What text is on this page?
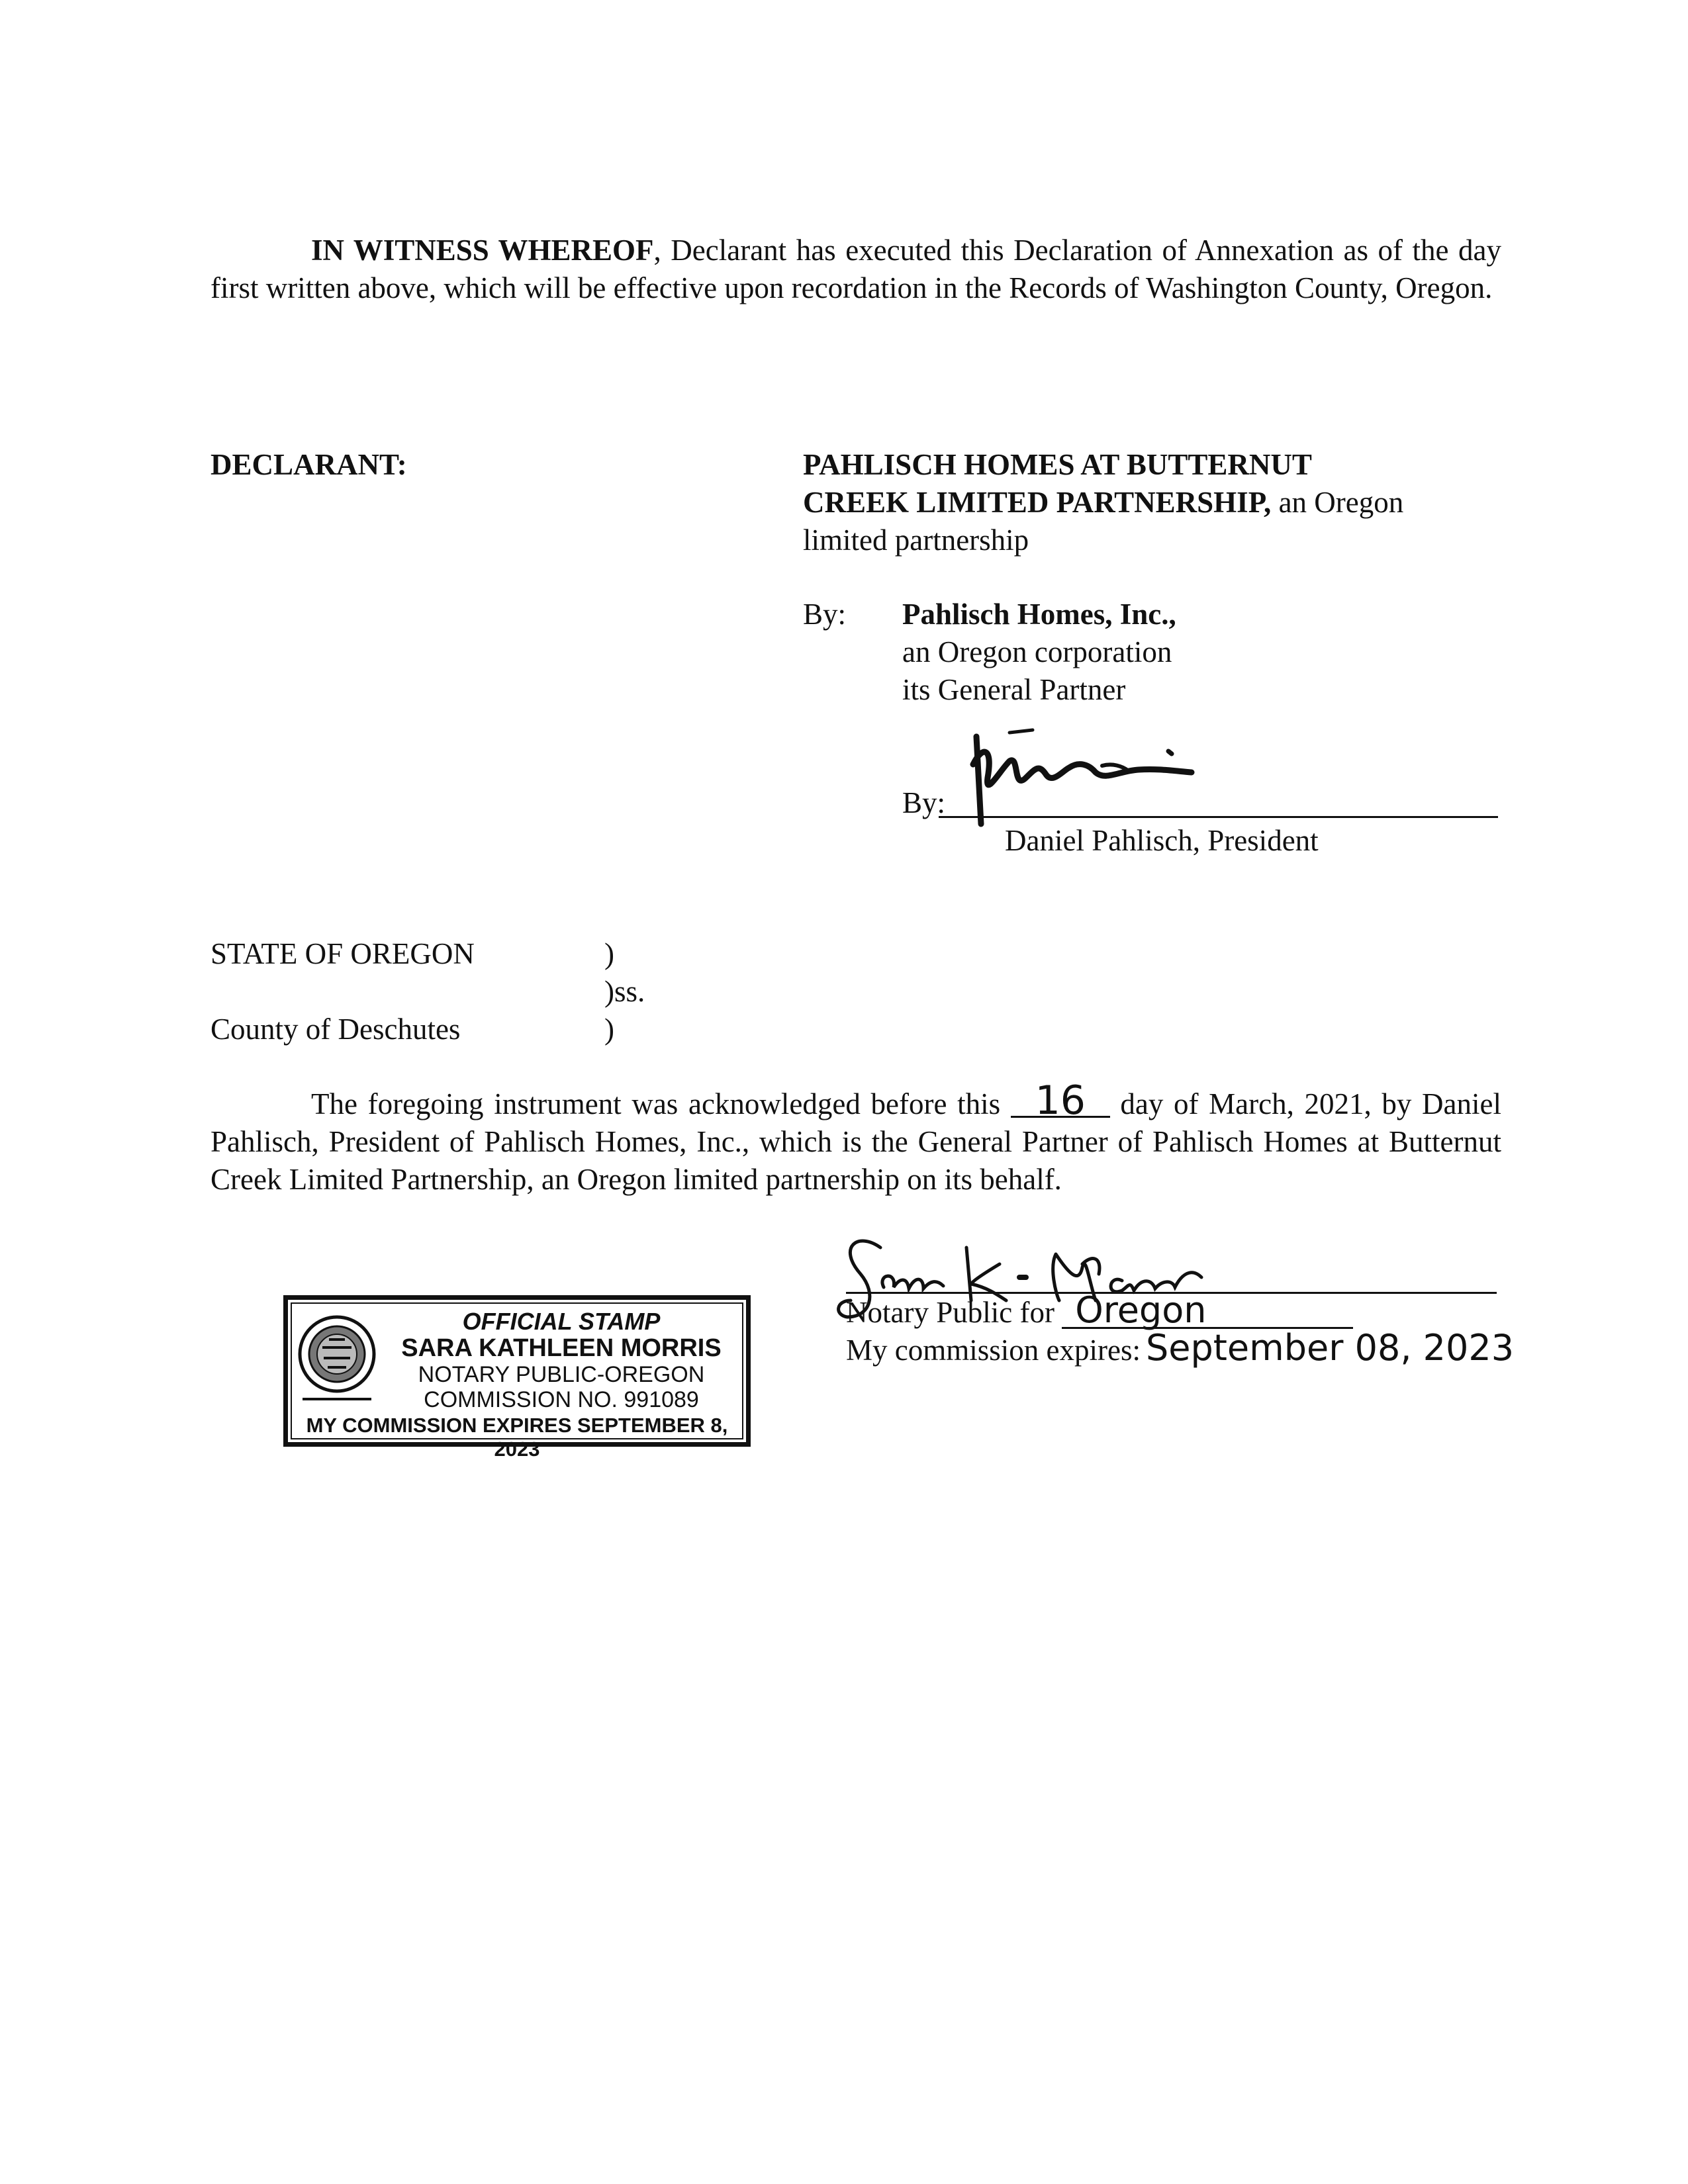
IN WITNESS WHEREOF, Declarant has executed this Declaration of Annexation as of the day first written above, which will be effective upon recordation in the Records of Washington County, Oregon.
DECLARANT:	PAHLISCH HOMES AT BUTTERNUT
CREEK LIMITED PARTNERSHIP, an Oregon
limited partnership
By: Pahlisch Homes, Inc.,
an Oregon corporation
its General Partner
By:
Daniel Pahlisch, President
STATE OF OREGON	)
)ss.
County of Deschutes	)
The foregoing instrument was acknowledged before this 16 day of March, 2021, by Daniel Pahlisch, President of Pahlisch Homes, Inc., which is the General Partner of Pahlisch Homes at Butternut Creek Limited Partnership, an Oregon limited partnership on its behalf.
Notary Public for Oregon
My commission expires: September 08, 2023
OFFICIAL STAMP
SARA KATHLEEN MORRIS
NOTARY PUBLIC-OREGON
COMMISSION NO. 991089
MY COMMISSION EXPIRES SEPTEMBER 8, 2023
